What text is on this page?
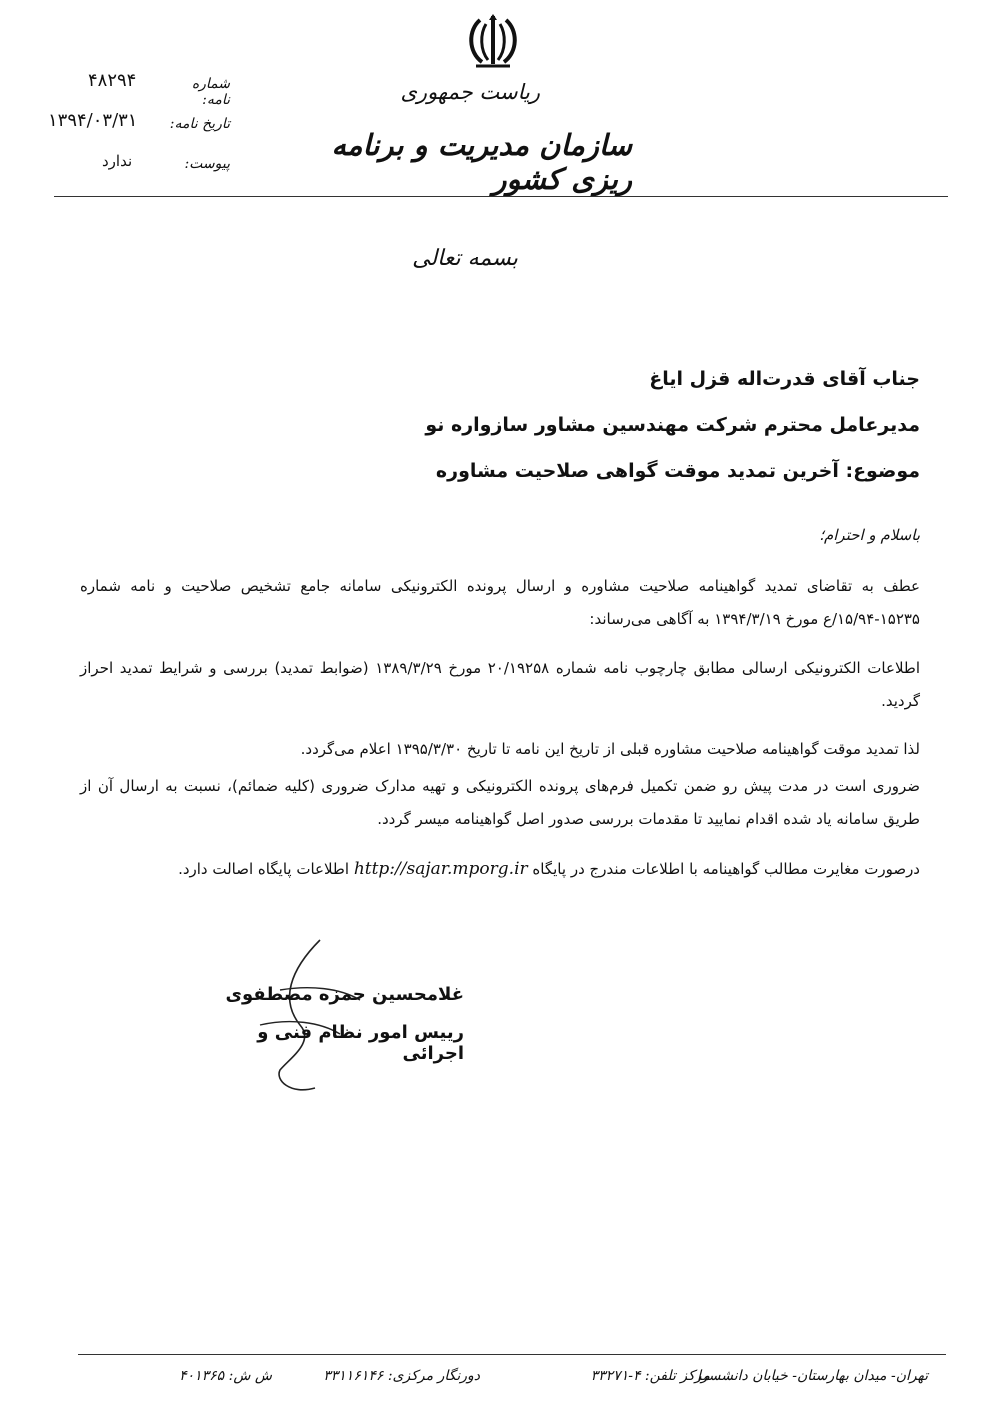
ریاست جمهوری
سازمان مدیریت و برنامه ریزی کشور
شماره نامه:
تاریخ نامه:
پیوست:
۴۸۲۹۴
۱۳۹۴/۰۳/۳۱
ندارد
بسمه تعالی
جناب آقای قدرت‌اله قزل ایاغ
مدیرعامل محترم شرکت مهندسین مشاور سازواره نو
موضوع: آخرین تمدید موقت گواهی صلاحیت مشاوره
باسلام و احترام؛
عطف به تقاضای تمدید گواهینامه صلاحیت مشاوره و ارسال پرونده الکترونیکی سامانه جامع تشخیص صلاحیت و نامه شماره ۱۵۲۳۵-۱۵/۹۴/ع مورخ ۱۳۹۴/۳/۱۹ به آگاهی می‌رساند:
اطلاعات الکترونیکی ارسالی مطابق چارچوب نامه شماره ۲۰/۱۹۲۵۸ مورخ ۱۳۸۹/۳/۲۹ (ضوابط تمدید) بررسی و شرایط تمدید احراز گردید.
لذا تمدید موقت گواهینامه صلاحیت مشاوره قبلی از تاریخ این نامه تا تاریخ ۱۳۹۵/۳/۳۰ اعلام می‌گردد.
ضروری است در مدت پیش رو ضمن تکمیل فرم‌های پرونده الکترونیکی و تهیه مدارک ضروری (کلیه ضمائم)، نسبت به ارسال آن از طریق سامانه یاد شده اقدام نمایید تا مقدمات بررسی صدور اصل گواهینامه میسر گردد.
درصورت مغایرت مطالب گواهینامه با اطلاعات مندرج در پایگاه http://sajar.mporg.ir اطلاعات پایگاه اصالت دارد.
غلامحسین حمزه مصطفوی
رییس امور نظام فنی و اجرائی
تهران- میدان بهارستان- خیابان دانشسرا
مرکز تلفن: ۴-۳۳۲۷۱
دورنگار مرکزی: ۳۳۱۱۶۱۴۶
ش ش: ۴۰۱۳۶۵
